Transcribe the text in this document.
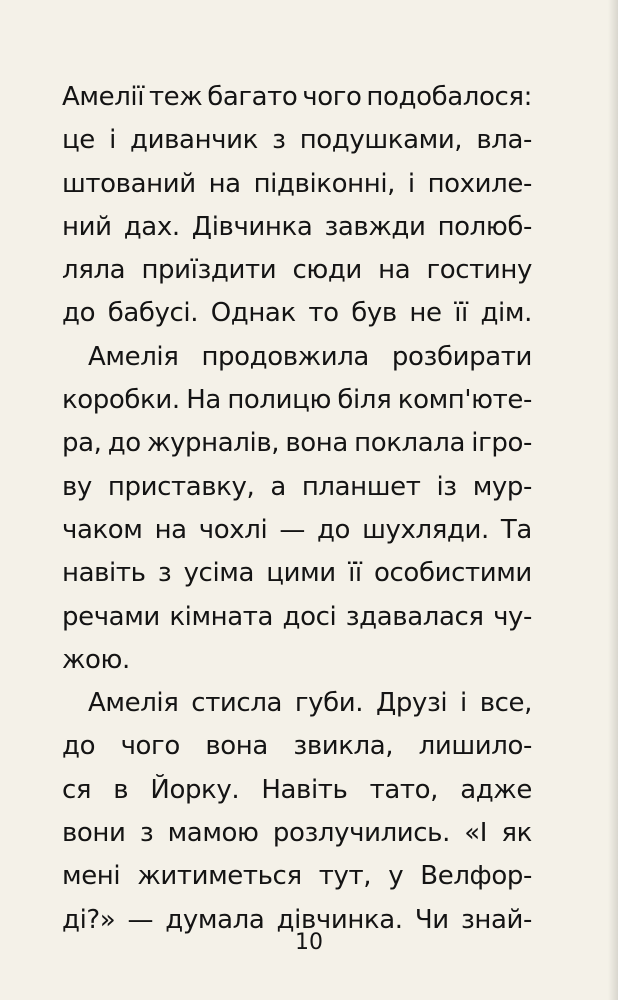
Амелії теж багато чого подобалося:
це і диванчик з подушками, вла-
штований на підвіконні, і похиле-
ний дах. Дівчинка завжди полюб-
ляла приїздити сюди на гостину
до бабусі. Однак то був не її дім.
Амелія продовжила розбирати
коробки. На полицю біля комп'юте-
ра, до журналів, вона поклала ігро-
ву приставку, а планшет із мур-
чаком на чохлі — до шухляди. Та
навіть з усіма цими її особистими
речами кімната досі здавалася чу-
жою.
Амелія стисла губи. Друзі і все,
до чого вона звикла, лишило-
ся в Йорку. Навіть тато, адже
вони з мамою розлучились. «І як
мені житиметься тут, у Велфор-
ді?» — думала дівчинка. Чи знай-
10
